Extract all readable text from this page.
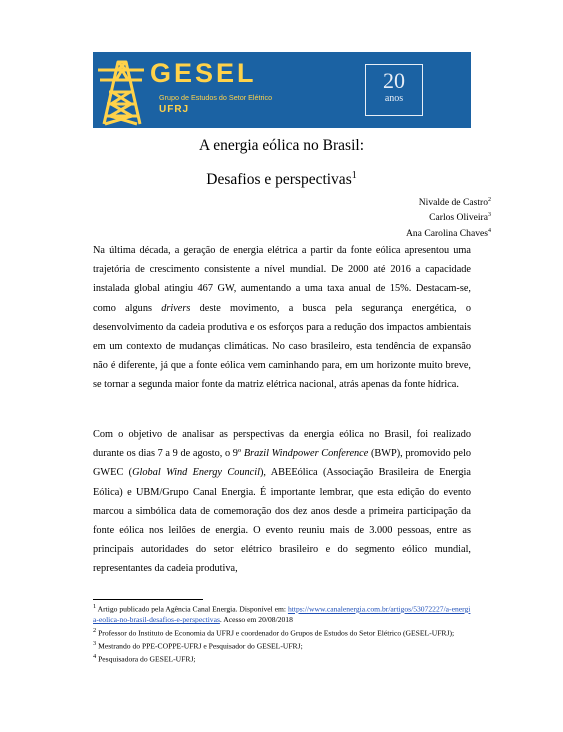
GESEL
Grupo de Estudos do Setor Elétrico
UFRJ
20
anos
A energia eólica no Brasil:
Desafios e perspectivas$^1$
Nivalde de Castro$^2$
Carlos Oliveira$^3$
Ana Carolina Chaves$^4$
Na última década, a geração de energia elétrica a partir da fonte eólica apresentou uma trajetória de crescimento consistente a nível mundial. De 2000 até 2016 a capacidade instalada global atingiu 467 GW, aumentando a uma taxa anual de 15%. Destacam-se, como alguns drivers deste movimento, a busca pela segurança energética, o desenvolvimento da cadeia produtiva e os esforços para a redução dos impactos ambientais em um contexto de mudanças climáticas. No caso brasileiro, esta tendência de expansão não é diferente, já que a fonte eólica vem caminhando para, em um horizonte muito breve, se tornar a segunda maior fonte da matriz elétrica nacional, atrás apenas da fonte hídrica.
Com o objetivo de analisar as perspectivas da energia eólica no Brasil, foi realizado durante os dias 7 a 9 de agosto, o 9º Brazil Windpower Conference (BWP), promovido pelo GWEC (Global Wind Energy Council), ABEEólica (Associação Brasileira de Energia Eólica) e UBM/Grupo Canal Energia. É importante lembrar, que esta edição do evento marcou a simbólica data de comemoração dos dez anos desde a primeira participação da fonte eólica nos leilões de energia. O evento reuniu mais de 3.000 pessoas, entre as principais autoridades do setor elétrico brasileiro e do segmento eólico mundial, representantes da cadeia produtiva,
$^1$ Artigo publicado pela Agência Canal Energia. Disponível em: https://www.canalenergia.com.br/artigos/53072227/a-energia-eolica-no-brasil-desafios-e-perspectivas. Acesso em 20/08/2018
$^2$ Professor do Instituto de Economia da UFRJ e coordenador do Grupos de Estudos do Setor Elétrico (GESEL-UFRJ);
$^3$ Mestrando do PPE-COPPE-UFRJ e Pesquisador do GESEL-UFRJ;
$^4$ Pesquisadora do GESEL-UFRJ;
